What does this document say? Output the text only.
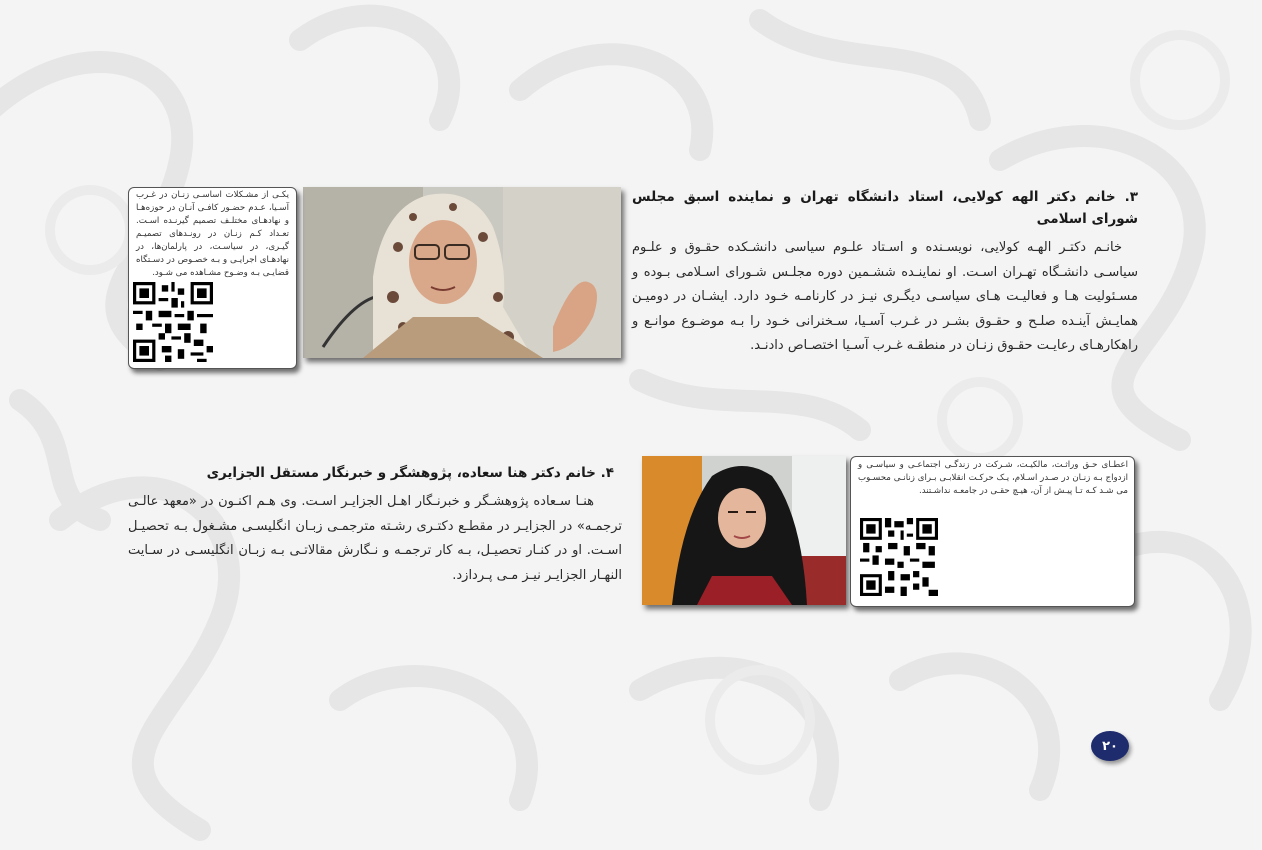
۳. خانم دکتر الهه کولایی، استاد دانشگاه تهران و نماینده اسبق مجلس شورای اسلامی

خانـم دکتـر الهـه کولایی، نویسـنده و اسـتاد علـوم سیاسی دانشـکده حقـوق و علـوم سیاسـی دانشـگاه تهـران اسـت. او نماینـده ششـمین دوره مجلـس شـورای اسـلامی بـوده و مسـئولیت هـا و فعالیـت هـای سیاسـی دیگـری نیـز در کارنامـه خـود دارد. ایشـان در دومیـن همایـش آینـده صلـح و حقـوق بشـر در غـرب آسـیا، سـخنرانی خـود را بـه موضـوع موانـع و راهکارهـای رعایـت حقـوق زنـان در منطقـه غـرب آسـیا اختصـاص دادنـد.

یکـی از مشـکلات اساسـی زنـان در غـرب آسـیا، عـدم حضـور کافـی آنـان در حوزه‌هـا و نهادهـای مختلـف تصمیم گیرنـده اسـت. تعـداد کـم زنـان در رونـدهای تصمیـم گیـری، در سیاسـت، در پارلمان‌ها، در نهادهـای اجرایـی و بـه خصـوص در دسـتگاه قضایـی بـه وضـوح مشـاهده می شـود.

۴. خانم دکتر هنا سعاده، پژوهشگر و خبرنگار مستقل الجزایری

هنـا سـعاده پژوهشـگر و خبرنـگار اهـل الجزایـر اسـت. وی هـم اکنـون در «معهد عالـی ترجمـه» در الجزایـر در مقطـع دکتـری رشـته مترجمـی زبـان انگلیسـی مشـغول بـه تحصیـل اسـت. او در کنـار تحصیـل، بـه کار ترجمـه و نـگارش مقالاتـی بـه زبـان انگلیسـی در سـایت النهـار الجزایـر نیـز مـی پـردازد.

اعطـای حـق وراثـت، مالکیـت، شـرکت در زندگـی اجتماعـی و سیاسـی و ازدواج بـه زنـان در صـدر اسـلام، یـک حرکـت انقلابـی بـرای زنانـی محسـوب می شـد کـه تـا پیـش از آن، هیـچ حقـی در جامعـه نداشـتند.
۲۰
